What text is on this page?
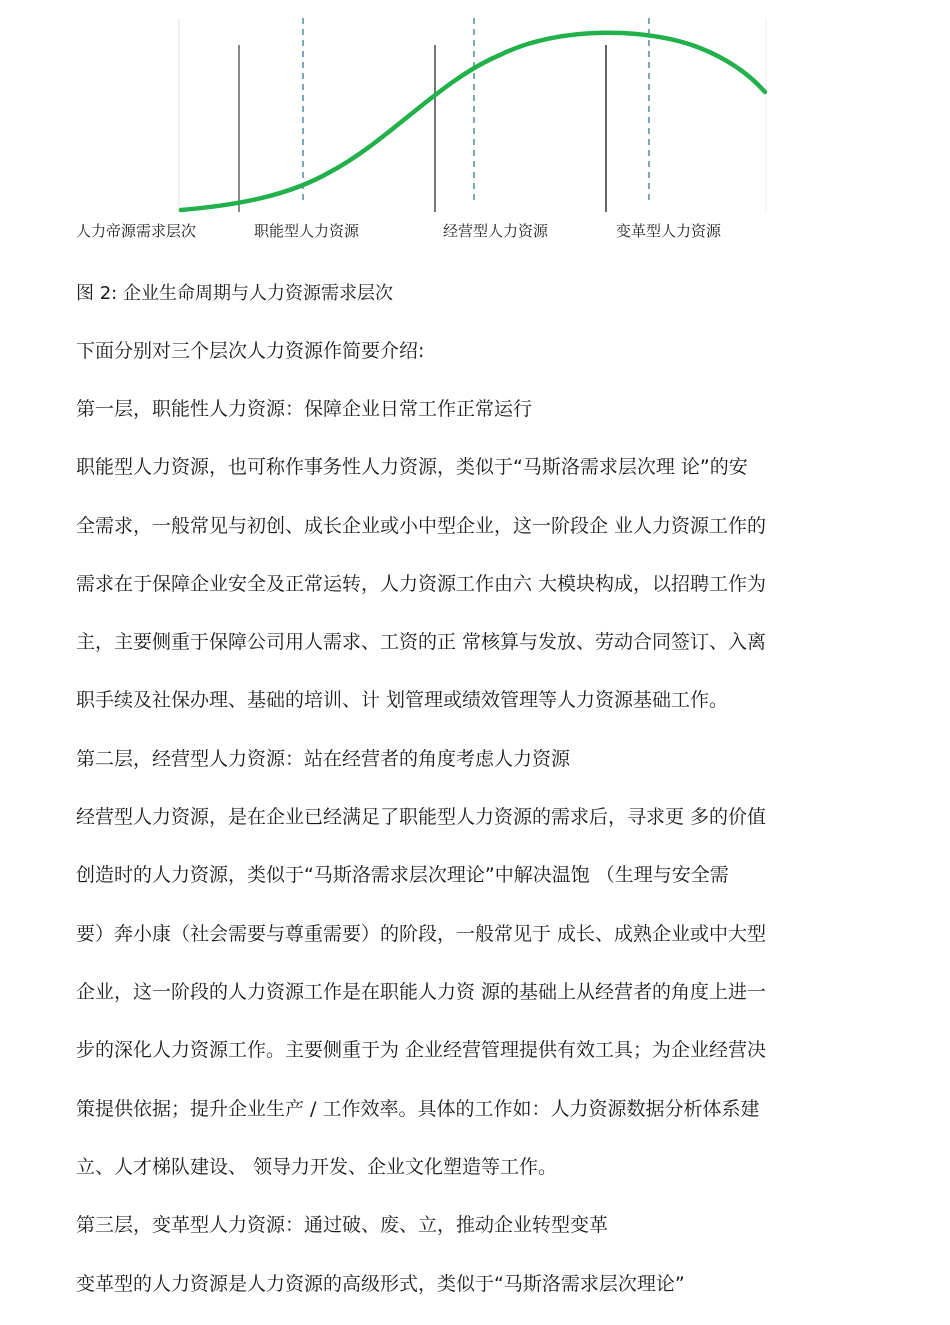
人力帝源需求层次	职能型人力资源	经营型人力资源	变革型人力资源
图 2: 企业生命周期与人力资源需求层次
下面分别对三个层次人力资源作简要介绍:
第一层，职能性人力资源：保障企业日常工作正常运行
职能型人力资源，也可称作事务性人力资源，类似于“马斯洛需求层次理 论”的安
全需求，一般常见与初创、成长企业或小中型企业，这一阶段企 业人力资源工作的
需求在于保障企业安全及正常运转，人力资源工作由六 大模块构成，以招聘工作为
主，主要侧重于保障公司用人需求、工资的正 常核算与发放、劳动合同签订、入离
职手续及社保办理、基础的培训、计 划管理或绩效管理等人力资源基础工作。
第二层，经营型人力资源：站在经营者的角度考虑人力资源
经营型人力资源，是在企业已经满足了职能型人力资源的需求后，寻求更 多的价值
创造时的人力资源，类似于“马斯洛需求层次理论”中解决温饱 （生理与安全需
要）奔小康（社会需要与尊重需要）的阶段，一般常见于 成长、成熟企业或中大型
企业，这一阶段的人力资源工作是在职能人力资 源的基础上从经营者的角度上进一
步的深化人力资源工作。主要侧重于为 企业经营管理提供有效工具；为企业经营决
策提供依据；提升企业生产 / 工作效率。具体的工作如：人力资源数据分析体系建
立、人才梯队建设、 领导力开发、企业文化塑造等工作。
第三层，变革型人力资源：通过破、废、立，推动企业转型变革
变革型的人力资源是人力资源的高级形式，类似于“马斯洛需求层次理论”
